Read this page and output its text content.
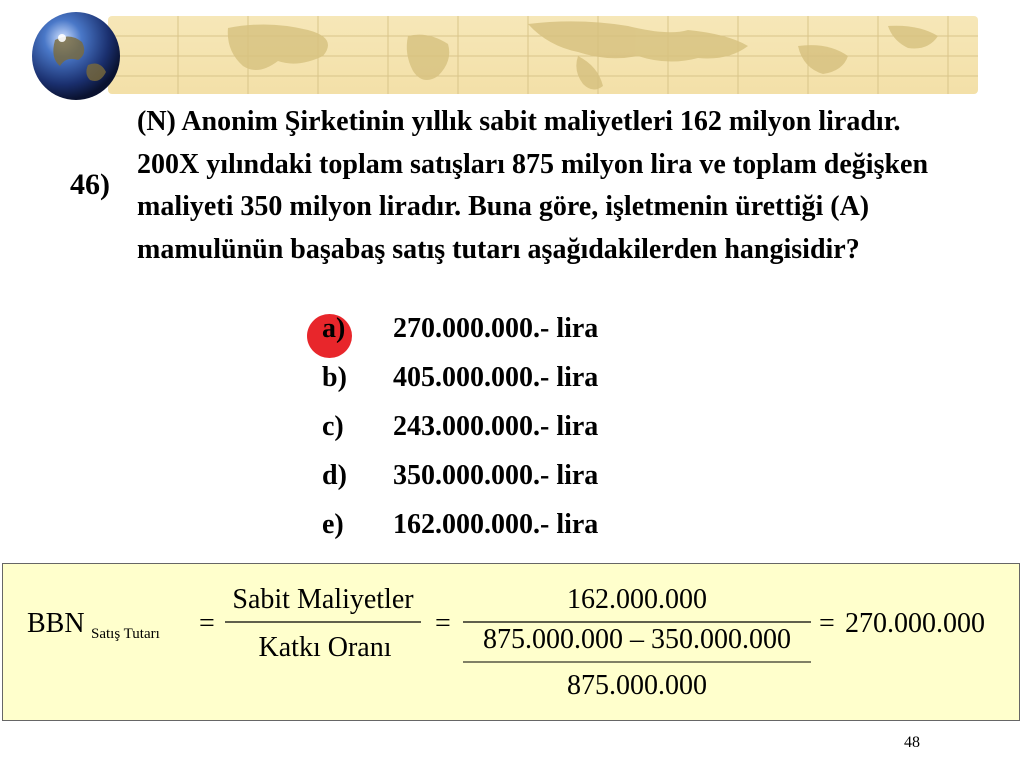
46)
(N) Anonim Şirketinin yıllık sabit maliyetleri 162 milyon liradır. 200X yılındaki toplam satışları 875 milyon lira ve toplam değişken maliyeti 350 milyon liradır. Buna göre, işletmenin ürettiği (A) mamulünün başabaş satış tutarı aşağıdakilerden hangisidir?
a)	270.000.000.- lira
b)	405.000.000.- lira
c)	243.000.000.- lira
d)	350.000.000.- lira
e)	162.000.000.- lira
BBN Satış Tutarı =
Sabit Maliyetler
Katkı Oranı
=
162.000.000
875.000.000 – 350.000.000
875.000.000
= 270.000.000
48
